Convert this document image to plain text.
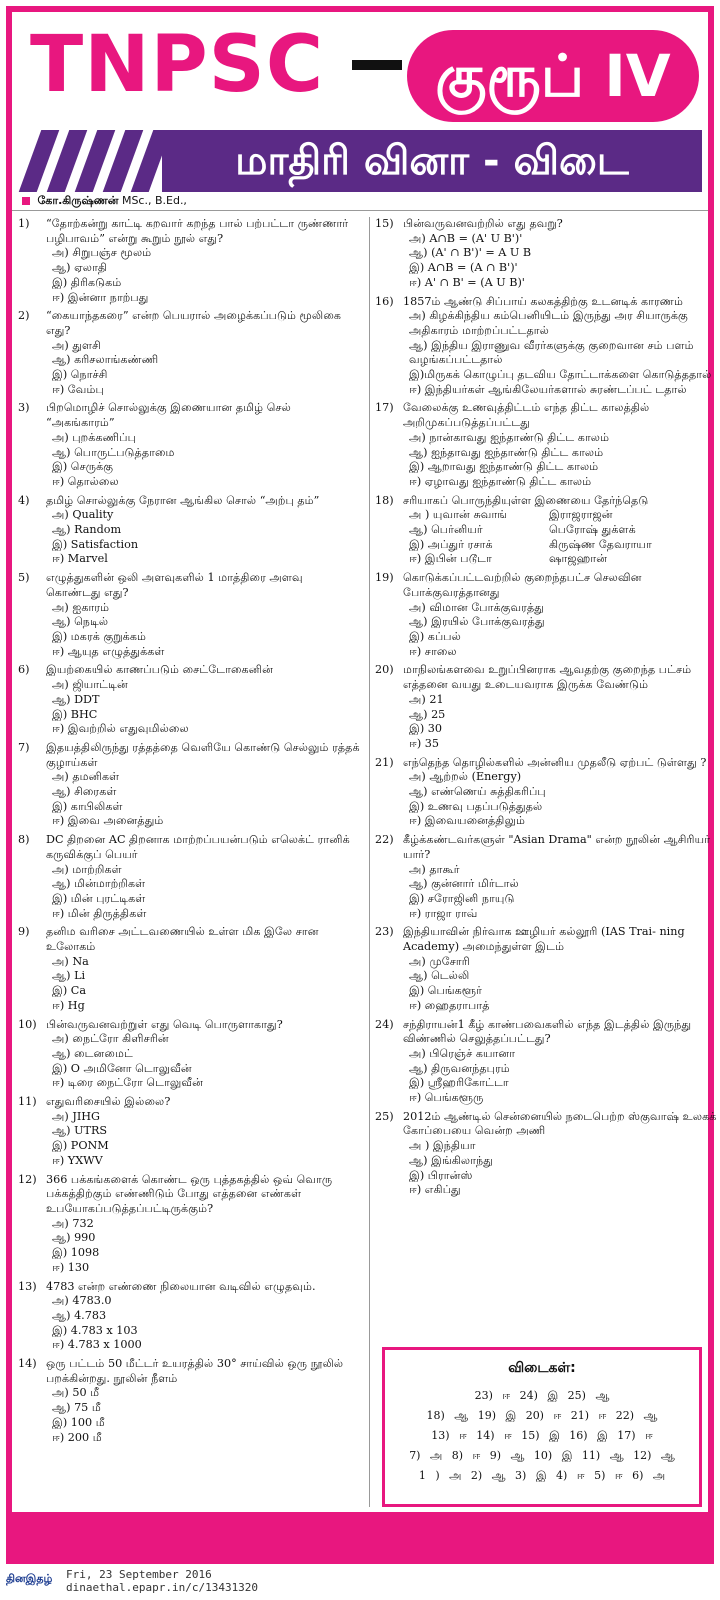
TNPSC	குரூப் IV
மாதிரி வினா - விடை
கோ.கிருஷ்ணன் MSc., B.Ed.,
1)	“தோற்கன்று காட்டி கறவார் கறந்த பால் பற்பட்டா ருண்ணார் பழிபாவம்” என்று கூறும் நூல் எது?
அ) சிறுபஞ்ச மூலம்
ஆ) ஏலாதி
இ) திரிகடுகம்
ஈ) இன்னா நாற்பது
2)	“கையாந்தகரை” என்ற பெயரால் அழைக்கப்படும் மூலிகை எது?
அ) துளசி
ஆ) கரிசலாங்கண்ணி
இ) நொச்சி
ஈ) வேம்பு
3)	பிறமொழிச் சொல்லுக்கு இணையான தமிழ் செல் “அகங்காரம்”
அ) புறக்கணிப்பு
ஆ) பொருட்படுத்தாமை
இ) செருக்கு
ஈ) தொல்லை
4)	தமிழ் சொல்லுக்கு நேரான ஆங்கில சொல் “அற்பு தம்”
அ) Quality
ஆ) Random
இ) Satisfaction
ஈ) Marvel
5)	எழுத்துகளின் ஒலி அளவுகளில் 1 மாத்திரை அளவு கொண்டது எது?
அ) ஐகாரம்
ஆ) நெடில்
இ) மகரக் குறுக்கம்
ஈ) ஆயுத எழுத்துக்கள்
6)	இயற்கையில் காணப்படும் சைட்டோகைனின்
அ) ஜியாட்டின்
ஆ) DDT
இ) BHC
ஈ) இவற்றில் எதுவுமில்லை
7)	இதயத்திலிருந்து ரத்தத்தை வெளியே கொண்டு செல்லும் ரத்தக் குழாய்கள்
அ) தமனிகள்
ஆ) சிரைகள்
இ) காபிலிகள்
ஈ) இவை அனைத்தும்
8)	DC திறனை AC திறனாக மாற்றப்பயன்படும் எலெக்ட் ரானிக் கருவிக்குப் பெயர்
அ) மாற்றிகள்
ஆ) மின்மாற்றிகள்
இ) மின் புரட்டிகள்
ஈ) மின் திருத்திகள்
9)	தனிம வரிசை அட்டவணையில் உள்ள மிக இலே சான உலோகம்
அ) Na
ஆ) Li
இ) Ca
ஈ) Hg
10) பின்வருவனவற்றுள் எது வெடி பொருளாகாது?
அ) நைட்ரோ கிளிசரின்
ஆ) டைனமைட்
இ) O அமினோ டொலுவீன்
ஈ) டிரை நைட்ரோ டொலுவீன்
11) எதுவரிசையில் இல்லை?
அ) JIHG
ஆ) UTRS
இ) PONM
ஈ) YXWV
12) 366 பக்கங்களைக் கொண்ட ஒரு புத்தகத்தில் ஒவ் வொரு பக்கத்திற்கும் எண்ணிடும் போது எத்தனை எண்கள் உபயோகப்படுத்தப்பட்டிருக்கும்?
அ) 732
ஆ) 990
இ) 1098
ஈ) 130
13) 4783 என்ற எண்ணை நிலையான வடிவில் எழுதவும்.
அ) 4783.0
ஆ) 4.783
இ) 4.783 x 103
ஈ) 4.783 x 1000
14) ஒரு பட்டம் 50 மீட்டர் உயரத்தில் 30° சாய்வில் ஒரு நூலில் பறக்கின்றது. நூலின் நீளம்
அ) 50 மீ
ஆ) 75 மீ
இ) 100 மீ
ஈ) 200 மீ
15) பின்வருவனவற்றில் எது தவறு?
அ) A∩B = (A' U B')'
ஆ) (A' ∩ B')' = A U B
இ) A∩B = (A ∩ B')'
ஈ) A' ∩ B' = (A U B)'
16) 1857ம் ஆண்டு சிப்பாய் கலகத்திற்கு உடனடிக் காரணம்
அ) கிழக்கிந்திய கம்பெனியிடம் இருந்து அர சியாருக்கு அதிகாரம் மாற்றப்பட்டதால்
ஆ) இந்திய இராணுவ வீரர்களுக்கு குறைவான சம் பளம் வழங்கப்பட்டதால்
இ)மிருகக் கொழுப்பு தடவிய தோட்டாக்களை கொடுத்ததால்
ஈ) இந்தியர்கள் ஆங்கிலேயர்களால் சுரண்டப்பட் டதால்
17) வேலைக்கு உணவுத்திட்டம் எந்த திட்ட காலத்தில் அறிமுகப்படுத்தப்பட்டது
அ) நான்காவது ஐந்தாண்டு திட்ட காலம்
ஆ) ஐந்தாவது ஐந்தாண்டு திட்ட காலம்
இ) ஆறாவது ஐந்தாண்டு திட்ட காலம்
ஈ) ஏழாவது ஐந்தாண்டு திட்ட காலம்
18) சரியாகப் பொருந்தியுள்ள இணையை தேர்ந்தெடு
அ ) யுவான் சுவாங்	இராஜராஜன்
ஆ) பெர்னியர்	பெரோஷ் துக்ளக்
இ) அப்துர் ரசாக்	கிருஷ்ண தேவராயா
ஈ) இபின் படூடா	ஷாஜஹான்
19) கொடுக்கப்பட்டவற்றில் குறைந்தபட்ச செலவின போக்குவரத்தானது
அ) விமான போக்குவரத்து
ஆ) இரயில் போக்குவரத்து
இ) கப்பல்
ஈ) சாலை
20) மாநிலங்களவை உறுப்பினராக ஆவதற்கு குறைந்த பட்சம் எத்தனை வயது உடையவராக இருக்க வேண்டும்
அ) 21
ஆ) 25
இ) 30
ஈ) 35
21) எந்தெந்த தொழில்களில் அன்னிய முதலீடு ஏற்பட் டுள்ளது ?
அ) ஆற்றல் (Energy)
ஆ) எண்ணெய் சுத்திகரிப்பு
இ) உணவு பதப்படுத்துதல்
ஈ) இவையனைத்திலும்
22) கீழ்க்கண்டவர்களுள் "Asian Drama" என்ற நூலின் ஆசிரியர் யார்?
அ) தாகூர்
ஆ) குன்னார் மிர்டால்
இ) சரோஜினி நாயுடு
ஈ) ராஜா ராவ்
23) இந்தியாவின் நிர்வாக ஊழியர் கல்லூரி (IAS Trai- ning Academy) அமைந்துள்ள இடம்
அ) முசோரி
ஆ) டெல்லி
இ) பெங்களூர்
ஈ) ஹைதராபாத்
24) சந்திராயன்1 கீழ் காண்பவைகளில் எந்த இடத்தில் இருந்து விண்ணில் செலுத்தப்பட்டது?
அ) பிரெஞ்ச் கயானா
ஆ) திருவனந்தபுரம்
இ) ஸ்ரீஹரிகோட்டா
ஈ) பெங்களூரு
25) 2012ம் ஆண்டில் சென்னையில் நடைபெற்ற ஸ்குவாஷ் உலகக் கோப்பையை வென்ற அணி
அ ) இந்தியா
ஆ) இங்கிலாந்து
இ) பிரான்ஸ்
ஈ) எகிப்து
விடைகள்:
23) ஈ 24) இ 25) ஆ
18) ஆ 19) இ 20) ஈ 21) ஈ 22) ஆ
13) ஈ 14) ஈ 15) இ 16) இ 17) ஈ
7) அ 8) ஈ 9) ஆ 10) இ 11) ஆ 12) ஆ
1 ) அ 2) ஆ 3) இ 4) ஈ 5) ஈ 6) அ
தினஇதழ் Fri, 23 September 2016
dinaethal.epapr.in/c/13431320
